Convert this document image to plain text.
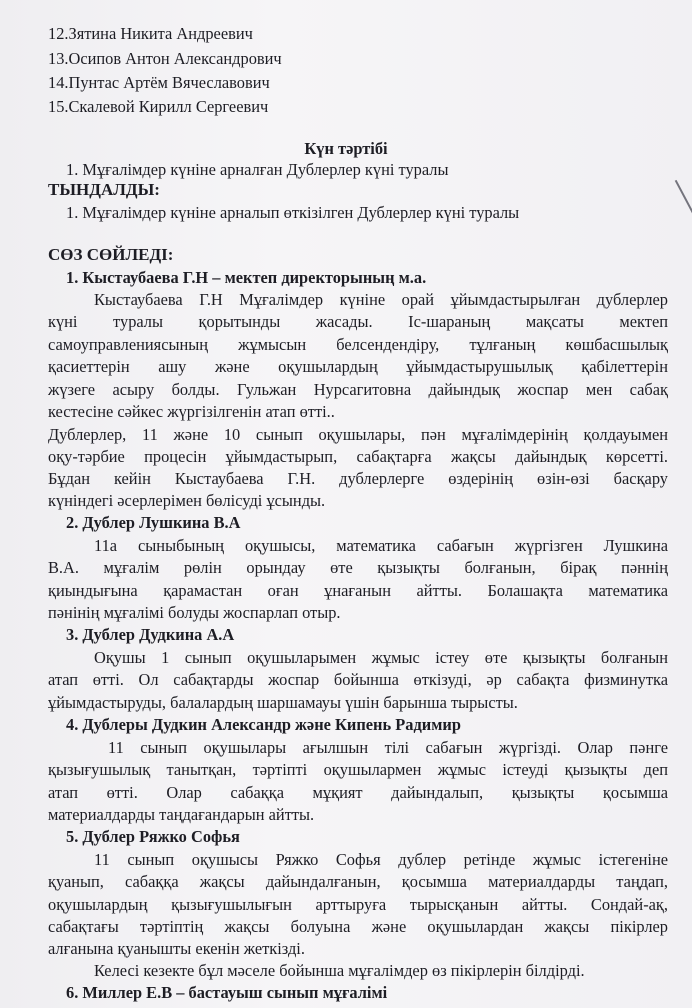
12.Зятина Никита Андреевич
13.Осипов Антон Александрович
14.Пунтас Артём Вячеславович
15.Скалевой Кирилл Сергеевич
Күн тәртібі
1. Мұғалімдер күніне арналған Дублерлер күні туралы
ТЫНДАЛДЫ:
1. Мұғалімдер күніне арналып өткізілген Дублерлер күні туралы
СӨЗ СӨЙЛЕДІ:
1. Кыстаубаева Г.Н – мектеп директорының м.а.
Кыстаубаева Г.Н Мұғалімдер күніне орай ұйымдастырылған дублерлер
күні туралы қорытынды жасады. Іс-шараның мақсаты мектеп
самоуправлениясының жұмысын белсендендіру, тұлғаның көшбасшылық
қасиеттерін ашу және оқушылардың ұйымдастырушылық қабілеттерін
жүзеге асыру болды. Гульжан Нурсагитовна дайындық жоспар мен сабақ
кестесіне сәйкес жүргізілгенін атап өтті..
Дублерлер, 11 және 10 сынып оқушылары, пән мұғалімдерінің қолдауымен
оқу-тәрбие процесін ұйымдастырып, сабақтарға жақсы дайындық көрсетті.
Бұдан кейін Кыстаубаева Г.Н. дублерлерге өздерінің өзін-өзі басқару
күніндегі әсерлерімен бөлісуді ұсынды.
2. Дублер Лушкина В.А
11а сыныбының оқушысы, математика сабағын жүргізген Лушкина
В.А. мұғалім рөлін орындау өте қызықты болғанын, бірақ пәннің
қиындығына қарамастан оған ұнағанын айтты. Болашақта математика
пәнінің мұғалімі болуды жоспарлап отыр.
3. Дублер Дудкина А.А
Оқушы 1 сынып оқушыларымен жұмыс істеу өте қызықты болғанын
атап өтті. Ол сабақтарды жоспар бойынша өткізуді, әр сабақта физминутка
ұйымдастыруды, балалардың шаршамауы үшін барынша тырысты.
4. Дублеры Дудкин Александр және Кипень Радимир
11 сынып оқушылары ағылшын тілі сабағын жүргізді. Олар пәнге
қызығушылық танытқан, тәртіпті оқушылармен жұмыс істеуді қызықты деп
атап өтті. Олар сабаққа мұқият дайындалып, қызықты қосымша
материалдарды таңдағандарын айтты.
5. Дублер Ряжко Софья
11 сынып оқушысы Ряжко Софья дублер ретінде жұмыс істегеніне
қуанып, сабаққа жақсы дайындалғанын, қосымша материалдарды таңдап,
оқушылардың қызығушылығын арттыруға тырысқанын айтты. Сондай-ақ,
сабақтағы тәртіптің жақсы болуына және оқушылардан жақсы пікірлер
алғанына қуанышты екенін жеткізді.
Келесі кезекте бұл мәселе бойынша мұғалімдер өз пікірлерін білдірді.
6. Миллер Е.В – бастауыш сынып мұғалімі
